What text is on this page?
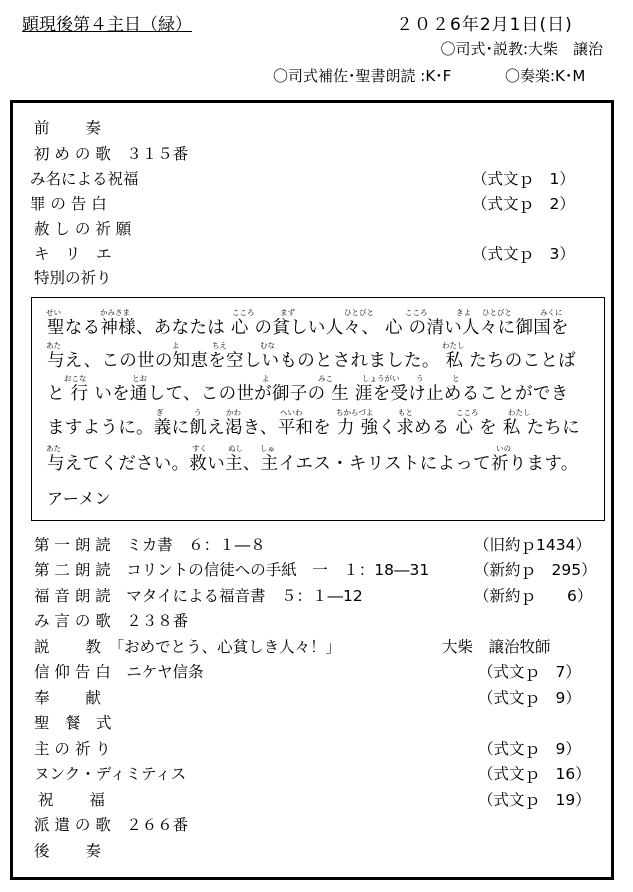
顕現後第４主日（緑）	２０２6年2月1日(日)
〇司式･説教:大柴　譲治
〇司式補佐･聖書朗読 :K･F	〇奏楽:K･M
前　　 奏
初 め の 歌　３１５番
み名による祝福	（式文ｐ　1）
罪 の 告 白	（式文ｐ　2）
赦 し の 祈 願
キ　リ　エ	（式文ｐ　3）
特別の祈り
せい	かみさま	こころ	まず	ひとびと	こころ	きよ ひとびと	みくに
聖なる神様、あなたは 心 の貧しい人々、 心 の清い人々に御国を
あた	よ	ちえ	むな	わたし
与え、この世の知恵を空しいものとされました。 私 たちのことば
おこな	とお	よ	みこ	しょうがい う	と
と 行 いを通して、この世が御子の 生 涯を受け止めることができ
ぎ	う	かわ	へいわ	ちからづよ	もと	こころ	わたし
ますように。義に飢え渇き、平和を 力 強く求める 心 を 私 たちに
あた	すく	ぬし しゅ	いの
与えてください。救い主、主イエス・キリストによって祈ります。
アーメン
第 一 朗 読　ミカ書　６：１―８	（旧約ｐ1434）
第 二 朗 読　コリントの信徒への手紙　一　１：18―31	（新約ｐ　295）
福 音 朗 読　マタイによる福音書　５：１―12	（新約ｐ　　6）
み 言 の 歌　２３８番
説　　 教　「おめでとう、心貧しき人々！」	大柴　譲治牧師
信 仰 告 白　ニケヤ信条	（式文ｐ　7）
奉　　 献	（式文ｐ　9）
聖　餐　式
主 の 祈 り	（式文ｐ　9）
ヌンク・ディミティス	（式文ｐ　16）
祝　　 福	（式文ｐ　19）
派 遣 の 歌　２６６番
後　　 奏
